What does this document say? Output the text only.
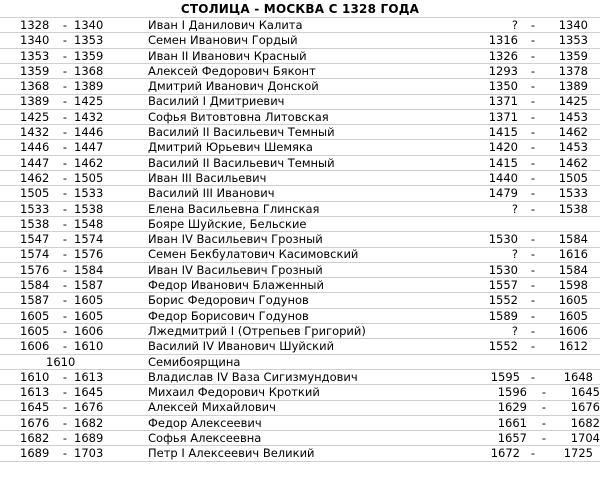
СТОЛИЦА - МОСКВА С 1328 ГОДА
1328	- 1340	Иван I Данилович Калита	?	-	1340
1340	- 1353	Семен Иванович Гордый	1316	-	1353
1353	- 1359	Иван II Иванович Красный	1326	-	1359
1359	- 1368	Алексей Федорович Бяконт	1293	-	1378
1368	- 1389	Дмитрий Иванович Донской	1350	-	1389
1389	- 1425	Василий I Дмитриевич	1371	-	1425
1425	- 1432	Софья Витовтовна Литовская	1371	-	1453
1432	- 1446	Василий II Васильевич Темный	1415	-	1462
1446	- 1447	Дмитрий Юрьевич Шемяка	1420	-	1453
1447	- 1462	Василий II Васильевич Темный	1415	-	1462
1462	- 1505	Иван III Васильевич	1440	-	1505
1505	- 1533	Василий III Иванович	1479	-	1533
1533	- 1538	Елена Васильевна Глинская	?	-	1538
1538	- 1548	Бояре Шуйские, Бельские
1547	- 1574	Иван IV Васильевич Грозный	1530	-	1584
1574	- 1576	Семен Бекбулатович Касимовский	?	-	1616
1576	- 1584	Иван IV Васильевич Грозный	1530	-	1584
1584	- 1587	Федор Иванович Блаженный	1557	-	1598
1587	- 1605	Борис Федорович Годунов	1552	-	1605
1605	- 1605	Федор Борисович Годунов	1589	-	1605
1605	- 1606	Лжедмитрий I (Отрепьев Григорий)	?	-	1606
1606	- 1610	Василий IV Иванович Шуйский	1552	-	1612
1610	Семибоярщина
1610	- 1613	Владислав IV Ваза Сигизмундович	1595 -	1648
1613	- 1645	Михаил Федорович Кроткий	1596	-	1645
1645	- 1676	Алексей Михайлович	1629	-	1676
1676	- 1682	Федор Алексеевич	1661	-	1682
1682	- 1689	Софья Алексеевна	1657	-	1704
1689	- 1703	Петр I Алексеевич Великий	1672 -	1725
